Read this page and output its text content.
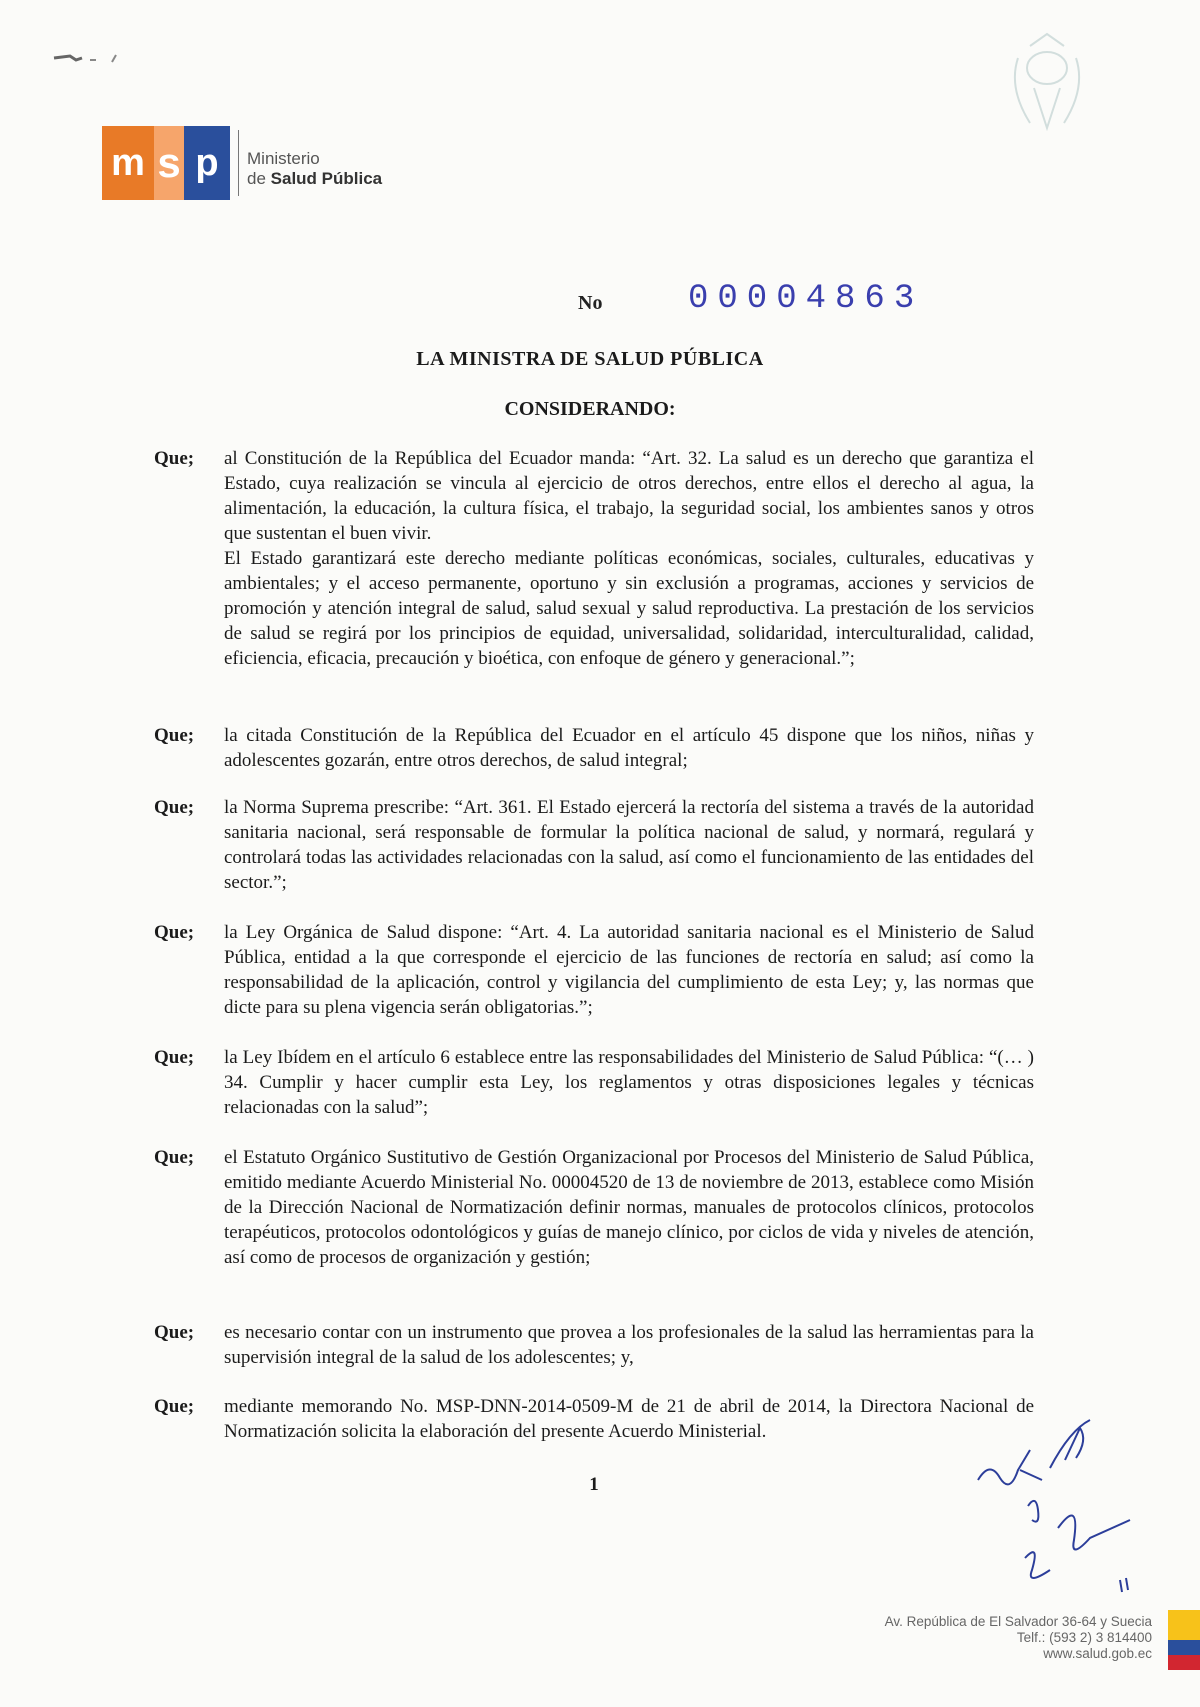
m s p	Ministerio
de Salud Pública
No	00004863
LA MINISTRA DE SALUD PÚBLICA
CONSIDERANDO:
Que;	al Constitución de la República del Ecuador manda: “Art. 32. La salud es un derecho que garantiza el Estado, cuya realización se vincula al ejercicio de otros derechos, entre ellos el derecho al agua, la alimentación, la educación, la cultura física, el trabajo, la seguridad social, los ambientes sanos y otros que sustentan el buen vivir.

El Estado garantizará este derecho mediante políticas económicas, sociales, culturales, educativas y ambientales; y el acceso permanente, oportuno y sin exclusión a programas, acciones y servicios de promoción y atención integral de salud, salud sexual y salud reproductiva. La prestación de los servicios de salud se regirá por los principios de equidad, universalidad, solidaridad, interculturalidad, calidad, eficiencia, eficacia, precaución y bioética, con enfoque de género y generacional.”;

Que;	la citada Constitución de la República del Ecuador en el artículo 45 dispone que los niños, niñas y adolescentes gozarán, entre otros derechos, de salud integral;

Que;	la Norma Suprema prescribe: “Art. 361. El Estado ejercerá la rectoría del sistema a través de la autoridad sanitaria nacional, será responsable de formular la política nacional de salud, y normará, regulará y controlará todas las actividades relacionadas con la salud, así como el funcionamiento de las entidades del sector.”;

Que;	la Ley Orgánica de Salud dispone: “Art. 4. La autoridad sanitaria nacional es el Ministerio de Salud Pública, entidad a la que corresponde el ejercicio de las funciones de rectoría en salud; así como la responsabilidad de la aplicación, control y vigilancia del cumplimiento de esta Ley; y, las normas que dicte para su plena vigencia serán obligatorias.”;

Que;	la Ley Ibídem en el artículo 6 establece entre las responsabilidades del Ministerio de Salud Pública: “(… ) 34. Cumplir y hacer cumplir esta Ley, los reglamentos y otras disposiciones legales y técnicas relacionadas con la salud”;

Que;	el Estatuto Orgánico Sustitutivo de Gestión Organizacional por Procesos del Ministerio de Salud Pública, emitido mediante Acuerdo Ministerial No. 00004520 de 13 de noviembre de 2013, establece como Misión de la Dirección Nacional de Normatización definir normas, manuales de protocolos clínicos, protocolos terapéuticos, protocolos odontológicos y guías de manejo clínico, por ciclos de vida y niveles de atención, así como de procesos de organización y gestión;

Que;	es necesario contar con un instrumento que provea a los profesionales de la salud las herramientas para la supervisión integral de la salud de los adolescentes; y,

Que;	mediante memorando No. MSP-DNN-2014-0509-M de 21 de abril de 2014, la Directora Nacional de Normatización solicita la elaboración del presente Acuerdo Ministerial.

1
Av. República de El Salvador 36-64 y Suecia
Telf.: (593 2) 3 814400
www.salud.gob.ec
